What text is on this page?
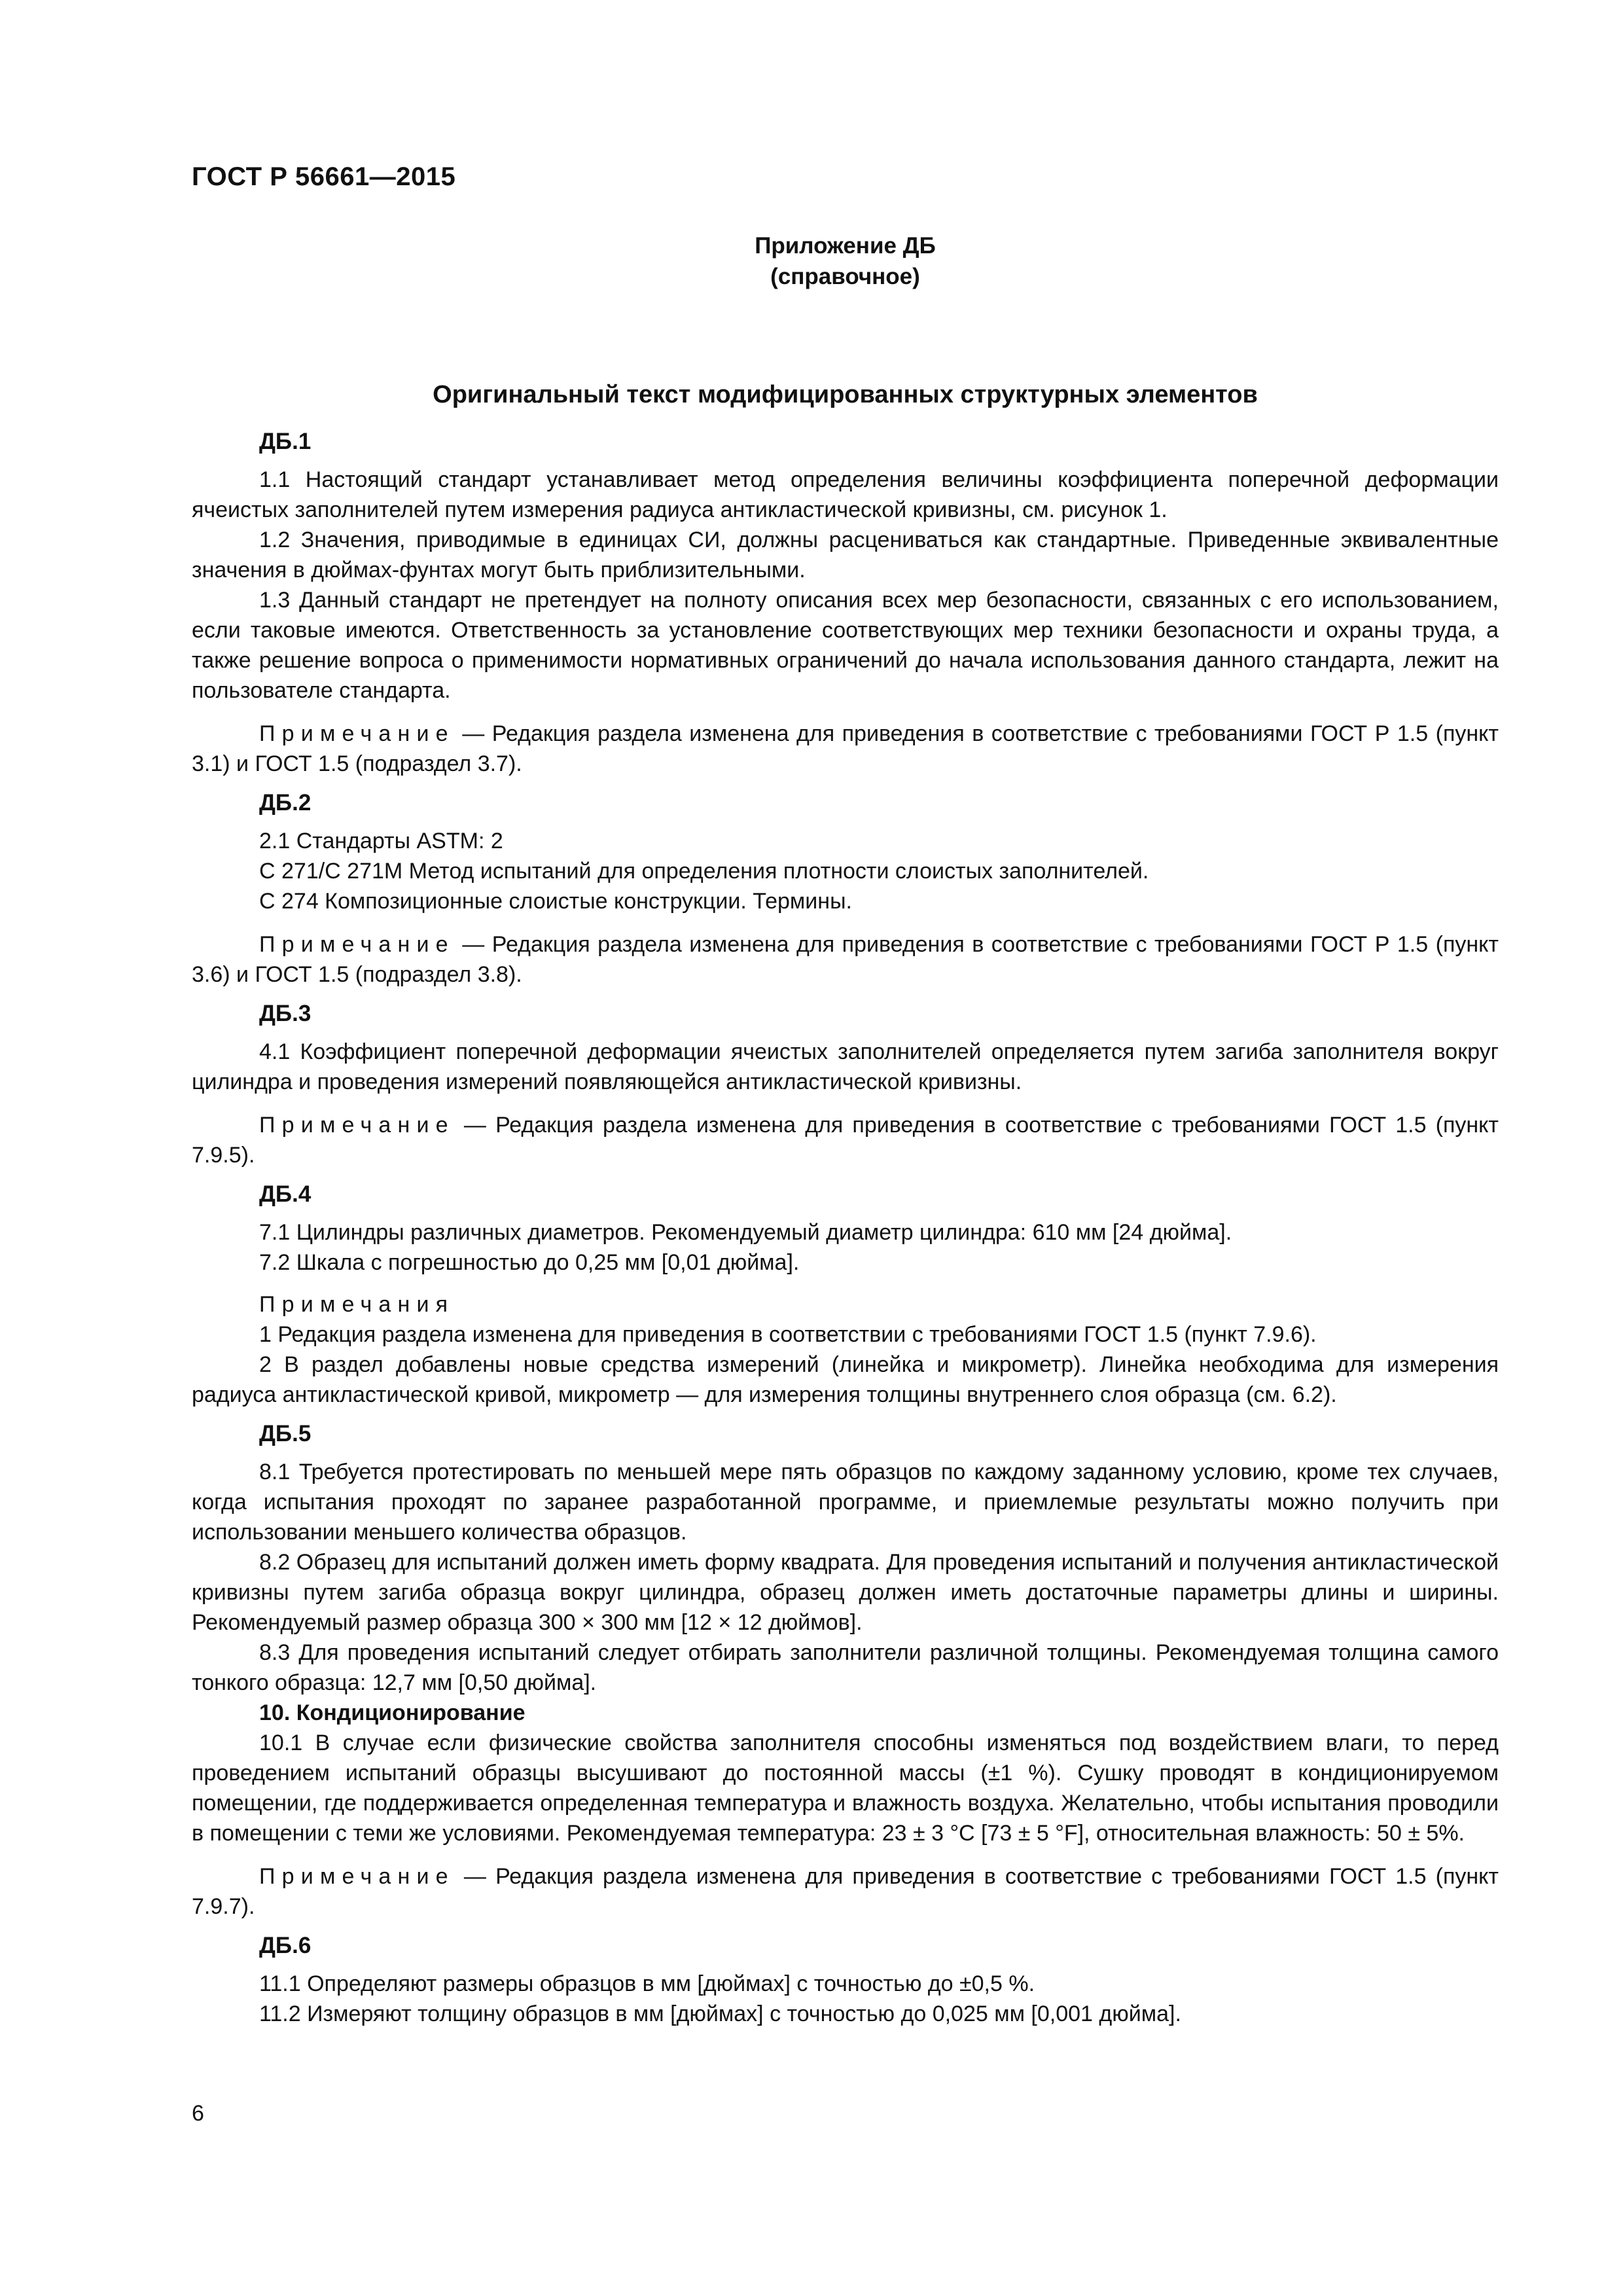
ГОСТ Р 56661—2015
Приложение ДБ
(справочное)
Оригинальный текст модифицированных структурных элементов
ДБ.1

1.1 Настоящий стандарт устанавливает метод определения величины коэффициента поперечной деформации ячеистых заполнителей путем измерения радиуса антикластической кривизны, см. рисунок 1.

1.2 Значения, приводимые в единицах СИ, должны расцениваться как стандартные. Приведенные эквивалентные значения в дюймах-фунтах могут быть приблизительными.

1.3 Данный стандарт не претендует на полноту описания всех мер безопасности, связанных с его использованием, если таковые имеются. Ответственность за установление соответствующих мер техники безопасности и охраны труда, а также решение вопроса о применимости нормативных ограничений до начала использования данного стандарта, лежит на пользователе стандарта.

Примечание — Редакция раздела изменена для приведения в соответствие с требованиями ГОСТ Р 1.5 (пункт 3.1) и ГОСТ 1.5 (подраздел 3.7).

ДБ.2

2.1 Стандарты ASTM: 2

С 271/С 271М Метод испытаний для определения плотности слоистых заполнителей.

С 274 Композиционные слоистые конструкции. Термины.

Примечание — Редакция раздела изменена для приведения в соответствие с требованиями ГОСТ Р 1.5 (пункт 3.6) и ГОСТ 1.5 (подраздел 3.8).

ДБ.3

4.1 Коэффициент поперечной деформации ячеистых заполнителей определяется путем загиба заполнителя вокруг цилиндра и проведения измерений появляющейся антикластической кривизны.

Примечание — Редакция раздела изменена для приведения в соответствие с требованиями ГОСТ 1.5 (пункт 7.9.5).

ДБ.4

7.1 Цилиндры различных диаметров. Рекомендуемый диаметр цилиндра: 610 мм [24 дюйма].

7.2 Шкала с погрешностью до 0,25 мм [0,01 дюйма].

Примечания

1 Редакция раздела изменена для приведения в соответствии с требованиями ГОСТ 1.5 (пункт 7.9.6).

2 В раздел добавлены новые средства измерений (линейка и микрометр). Линейка необходима для измерения радиуса антикластической кривой, микрометр — для измерения толщины внутреннего слоя образца (см. 6.2).

ДБ.5

8.1 Требуется протестировать по меньшей мере пять образцов по каждому заданному условию, кроме тех случаев, когда испытания проходят по заранее разработанной программе, и приемлемые результаты можно получить при использовании меньшего количества образцов.

8.2 Образец для испытаний должен иметь форму квадрата. Для проведения испытаний и получения антикластической кривизны путем загиба образца вокруг цилиндра, образец должен иметь достаточные параметры длины и ширины. Рекомендуемый размер образца 300 × 300 мм [12 × 12 дюймов].

8.3 Для проведения испытаний следует отбирать заполнители различной толщины. Рекомендуемая толщина самого тонкого образца: 12,7 мм [0,50 дюйма].

10. Кондиционирование

10.1 В случае если физические свойства заполнителя способны изменяться под воздействием влаги, то перед проведением испытаний образцы высушивают до постоянной массы (±1 %). Сушку проводят в кондиционируемом помещении, где поддерживается определенная температура и влажность воздуха. Желательно, чтобы испытания проводили в помещении с теми же условиями. Рекомендуемая температура: 23 ± 3 °C [73 ± 5 °F], относительная влажность: 50 ± 5%.

Примечание — Редакция раздела изменена для приведения в соответствие с требованиями ГОСТ 1.5 (пункт 7.9.7).

ДБ.6

11.1 Определяют размеры образцов в мм [дюймах] с точностью до ±0,5 %.

11.2 Измеряют толщину образцов в мм [дюймах] с точностью до 0,025 мм [0,001 дюйма].

6
